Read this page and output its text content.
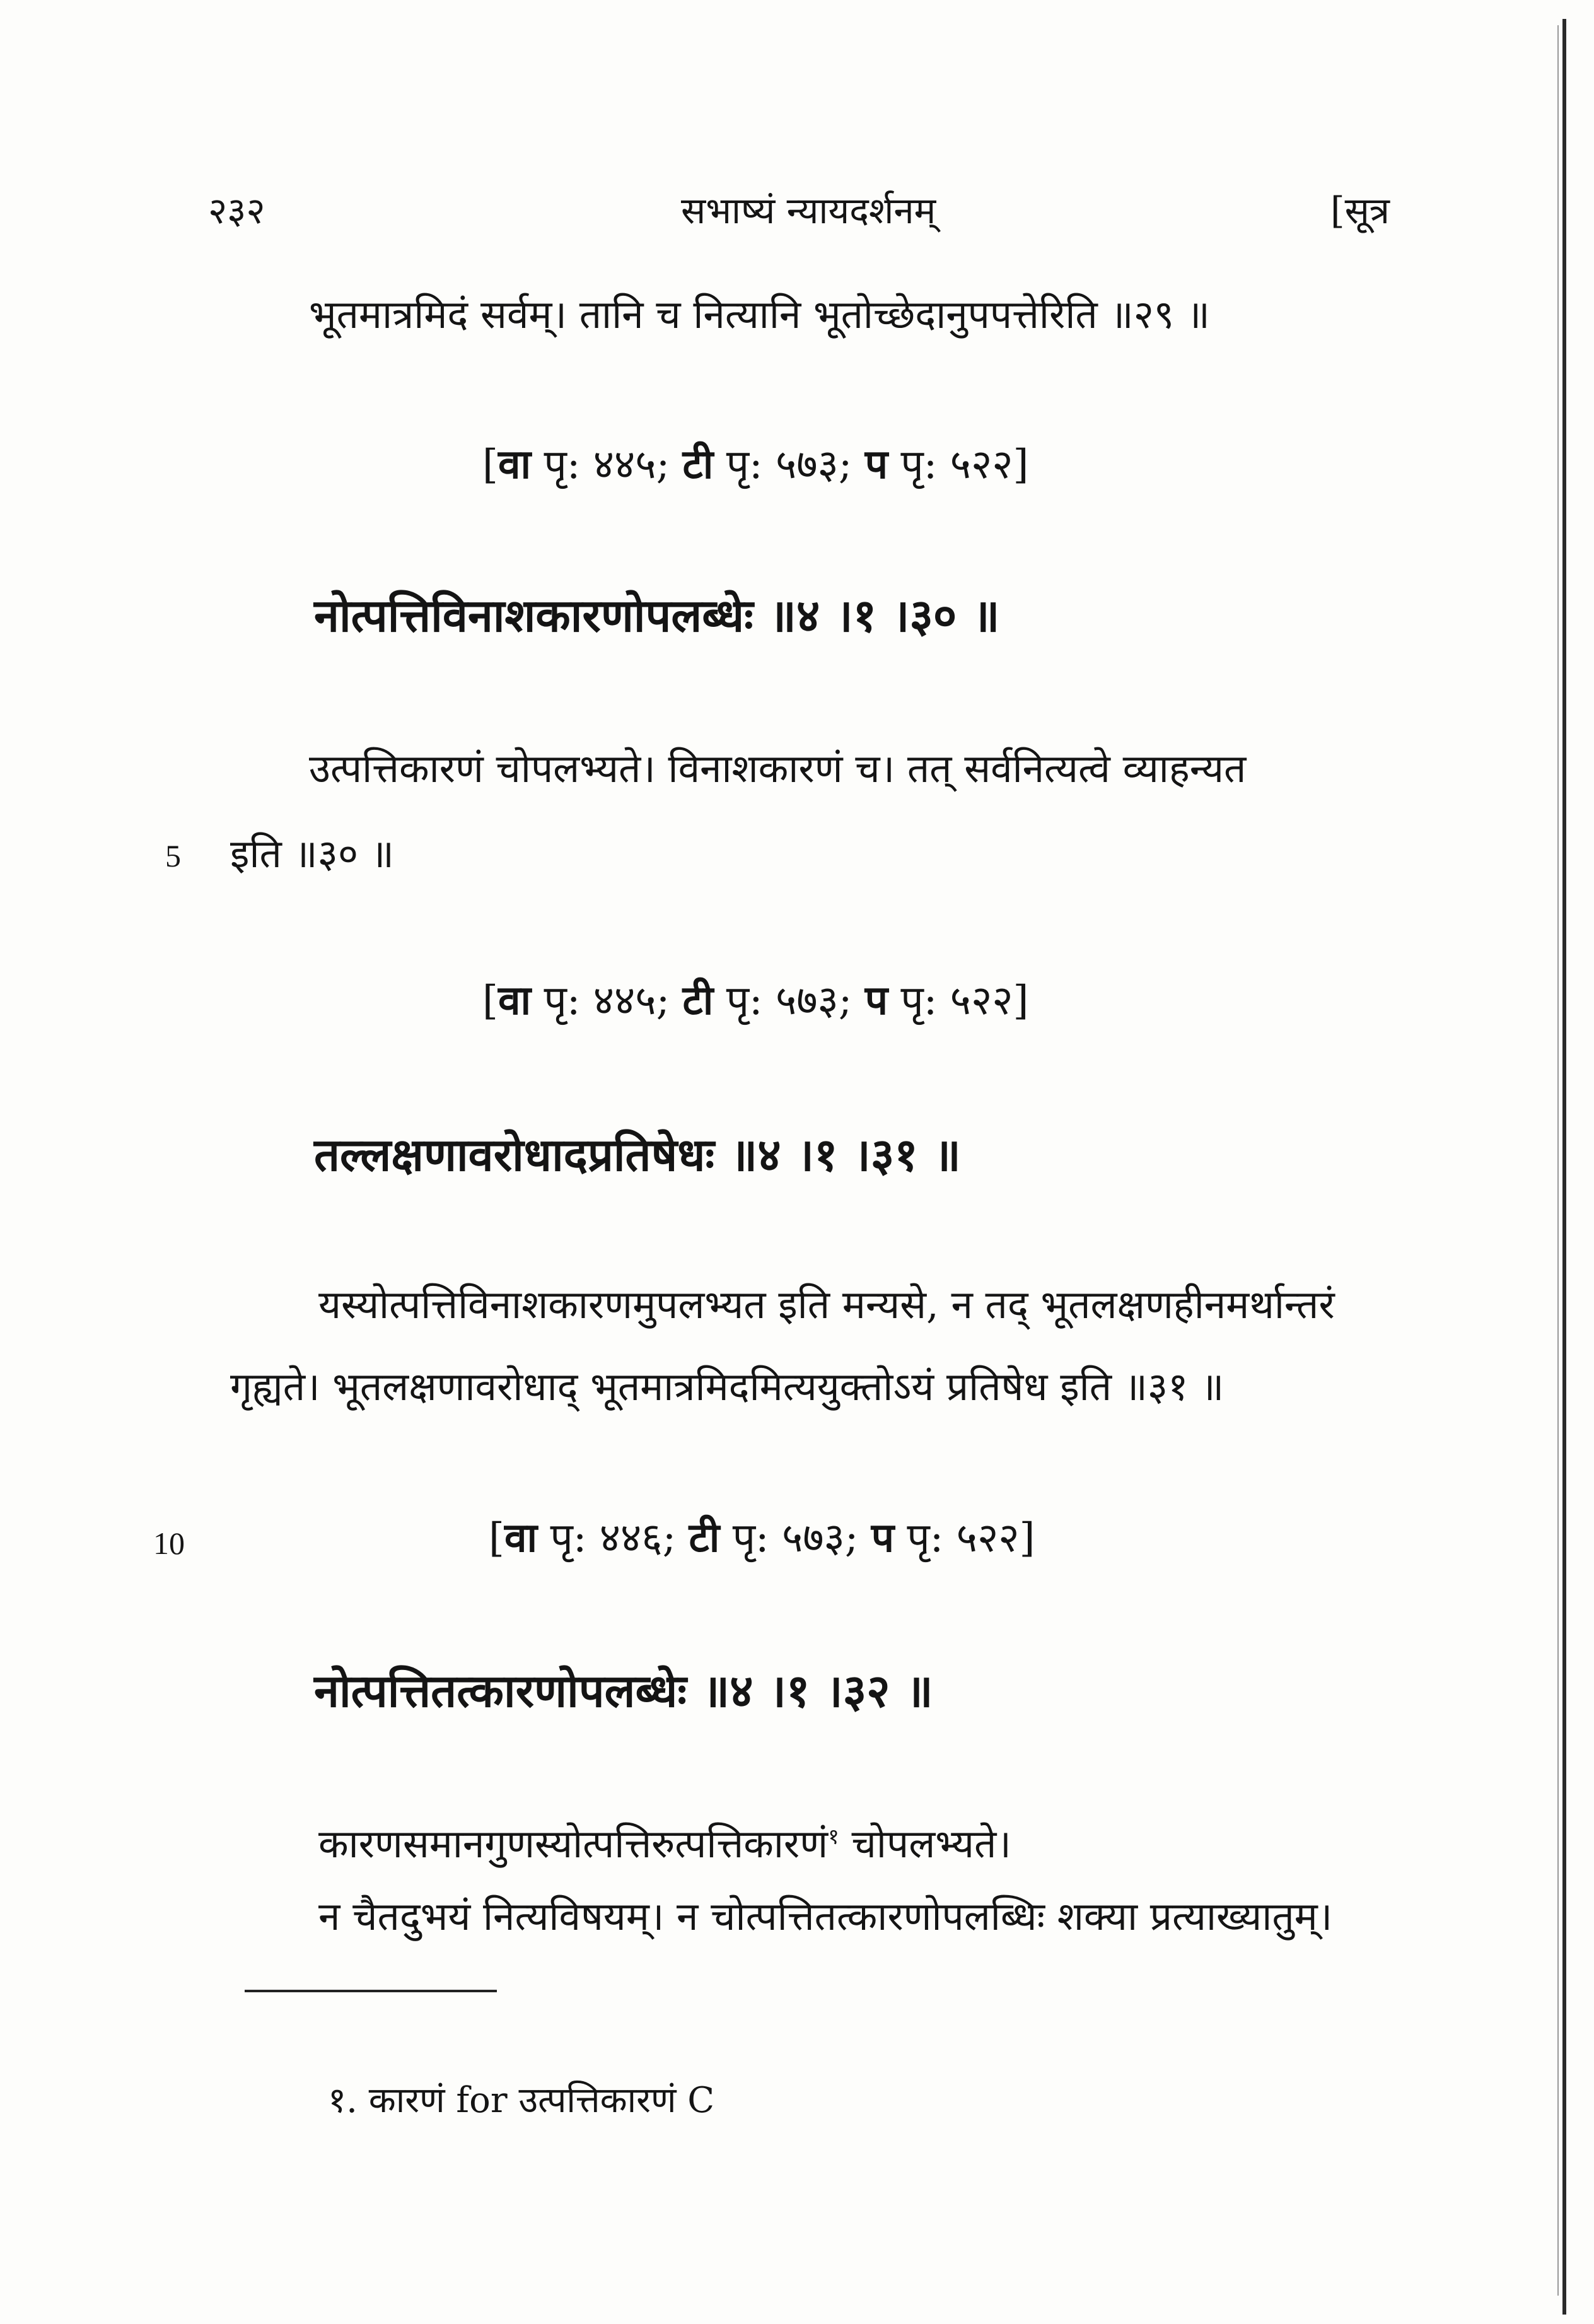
२३२	सभाष्यं न्यायदर्शनम्	[सूत्र
भूतमात्रमिदं सर्वम्। तानि च नित्यानि भूतोच्छेदानुपपत्तेरिति ॥२९ ॥
[वा पृ: ४४५; टी पृ: ५७३; प पृ: ५२२]
नोत्पत्तिविनाशकारणोपलब्धेः ॥४ ।१ ।३० ॥
उत्पत्तिकारणं चोपलभ्यते। विनाशकारणं च। तत् सर्वनित्यत्वे व्याहन्यत
5 इति ॥३० ॥
[वा पृ: ४४५; टी पृ: ५७३; प पृ: ५२२]
तल्लक्षणावरोधादप्रतिषेधः ॥४ ।१ ।३१ ॥
यस्योत्पत्तिविनाशकारणमुपलभ्यत इति मन्यसे, न तद् भूतलक्षणहीनमर्थान्तरं
गृह्यते। भूतलक्षणावरोधाद् भूतमात्रमिदमित्ययुक्तोऽयं प्रतिषेध इति ॥३१ ॥
10	[वा पृ: ४४६; टी पृ: ५७३; प पृ: ५२२]
नोत्पत्तितत्कारणोपलब्धेः ॥४ ।१ ।३२ ॥
कारणसमानगुणस्योत्पत्तिरुत्पत्तिकारणं$^१$ चोपलभ्यते।
न चैतदुभयं नित्यविषयम्। न चोत्पत्तितत्कारणोपलब्धिः शक्या प्रत्याख्यातुम्।
१. कारणं for उत्पत्तिकारणं C
